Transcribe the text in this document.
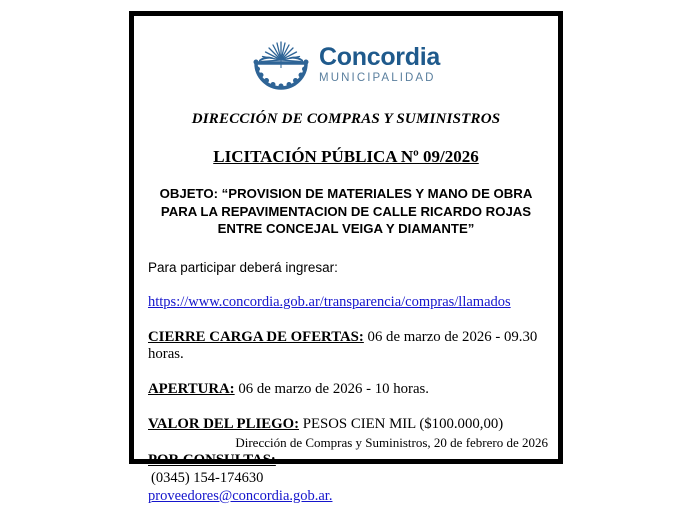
Concordia
MUNICIPALIDAD
DIRECCIÓN DE COMPRAS Y SUMINISTROS
LICITACIÓN PÚBLICA Nº 09/2026
OBJETO: “PROVISION DE MATERIALES Y MANO DE OBRA PARA LA REPAVIMENTACION DE CALLE RICARDO ROJAS ENTRE CONCEJAL VEIGA Y DIAMANTE”
Para participar deberá ingresar:
https://www.concordia.gob.ar/transparencia/compras/llamados
CIERRE CARGA DE OFERTAS: 06 de marzo de 2026 - 09.30 horas.
APERTURA: 06 de marzo de 2026 - 10 horas.
VALOR DEL PLIEGO: PESOS CIEN MIL ($100.000,00)
POR CONSULTAS:
(0345) 154-174630
proveedores@concordia.gob.ar.
Dirección de Compras y Suministros, 20 de febrero de 2026
